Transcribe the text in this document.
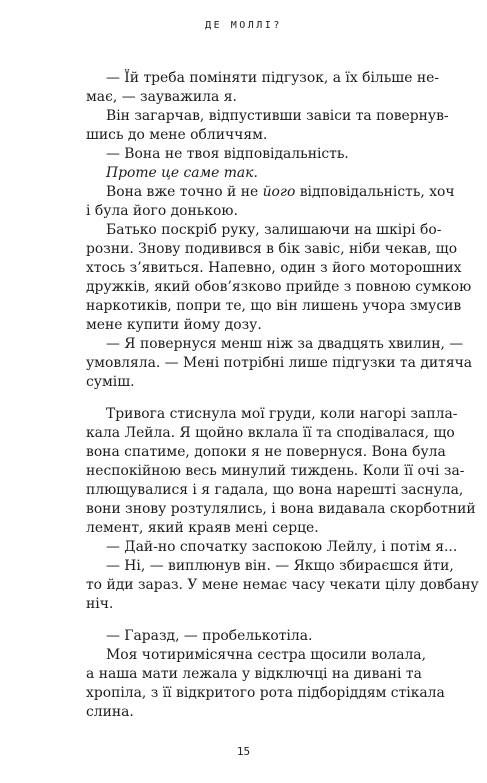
ДЕ МОЛЛІ?

— Їй треба поміняти підгузок, а їх більше не-
має, — зауважила я.

Він загарчав, відпустивши завіси та повернув-
шись до мене обличчям.

— Вона не твоя відповідальність.

Проте це саме так.

Вона вже точно й не його відповідальність, хоч
і була його донькою.

Батько поскріб руку, залишаючи на шкірі бо-
розни. Знову подивився в бік завіс, ніби чекав, що
хтось з’явиться. Напевно, один з його моторошних
дружків, який обов’язково прийде з повною сумкою
наркотиків, попри те, що він лишень учора змусив
мене купити йому дозу.

— Я повернуся менш ніж за двадцять хвилин, —
умовляла. — Мені потрібні лише підгузки та дитяча
суміш.

Тривога стиснула мої груди, коли нагорі запла-
кала Лейла. Я щойно вклала її та сподівалася, що
вона спатиме, допоки я не повернуся. Вона була
неспокійною весь минулий тиждень. Коли її очі за-
плющувалися і я гадала, що вона нарешті заснула,
вони знову розтулялись, і вона видавала скорботний
лемент, який краяв мені серце.

— Дай-но спочатку заспокою Лейлу, і потім я...

— Ні, — виплюнув він. — Якщо збираєшся йти,
то йди зараз. У мене немає часу чекати цілу довбану
ніч.

— Гаразд, — пробелькотіла.

Моя чотиримісячна сестра щосили волала,
а наша мати лежала у відключці на дивані та
хропіла, з її відкритого рота підборіддям стікала
слина.

15
